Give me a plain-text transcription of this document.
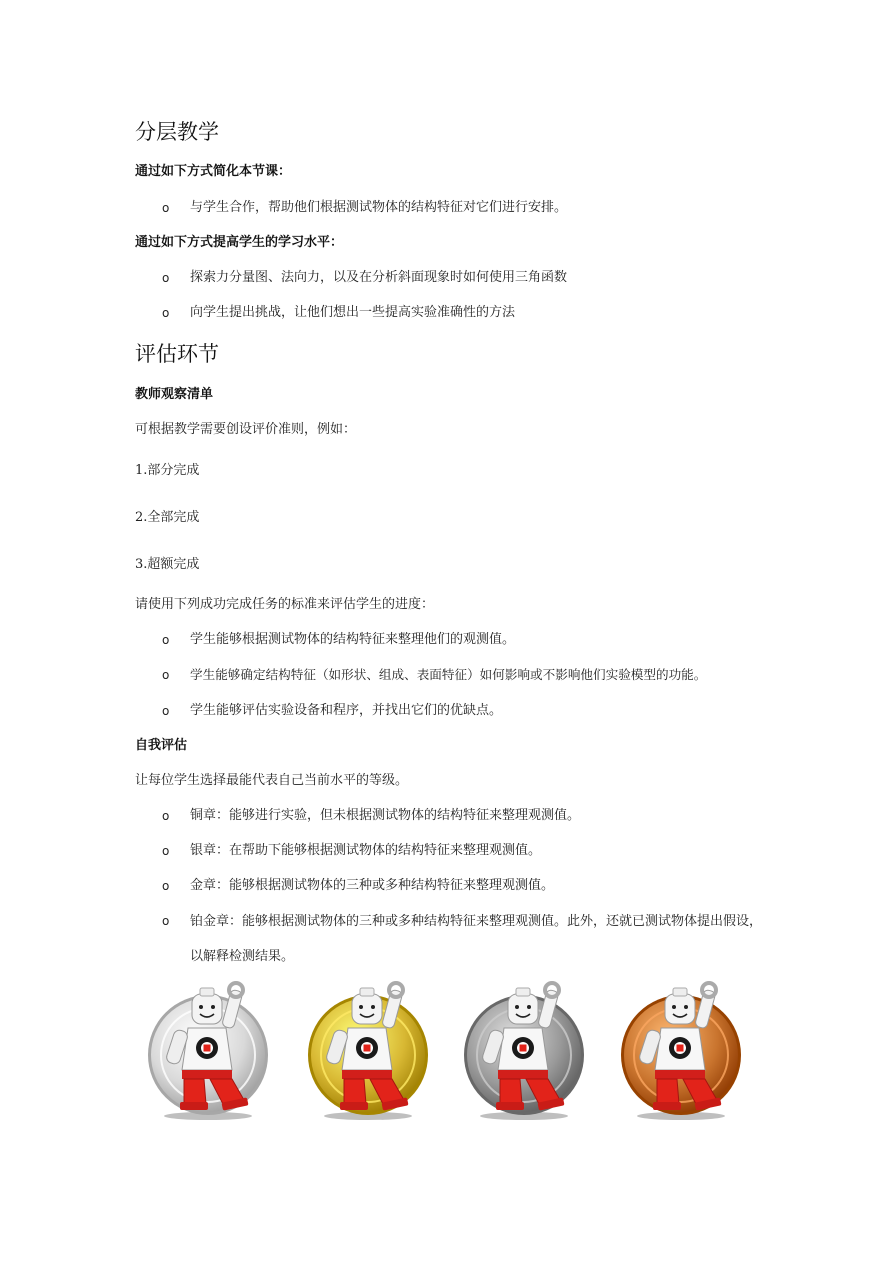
分层教学
通过如下方式简化本节课：
o 与学生合作，帮助他们根据测试物体的结构特征对它们进行安排。
通过如下方式提高学生的学习水平：
o 探索力分量图、法向力，以及在分析斜面现象时如何使用三角函数
o 向学生提出挑战，让他们想出一些提高实验准确性的方法
评估环节
教师观察清单
可根据教学需要创设评价准则，例如：
1.部分完成
2.全部完成
3.超额完成
请使用下列成功完成任务的标准来评估学生的进度：
o 学生能够根据测试物体的结构特征来整理他们的观测值。
o 学生能够确定结构特征（如形状、组成、表面特征）如何影响或不影响他们实验模型的功能。
o 学生能够评估实验设备和程序，并找出它们的优缺点。
自我评估
让每位学生选择最能代表自己当前水平的等级。
o 铜章：能够进行实验，但未根据测试物体的结构特征来整理观测值。
o 银章：在帮助下能够根据测试物体的结构特征来整理观测值。
o 金章：能够根据测试物体的三种或多种结构特征来整理观测值。
o 铂金章：能够根据测试物体的三种或多种结构特征来整理观测值。此外，还就已测试物体提出假设，以解释检测结果。
